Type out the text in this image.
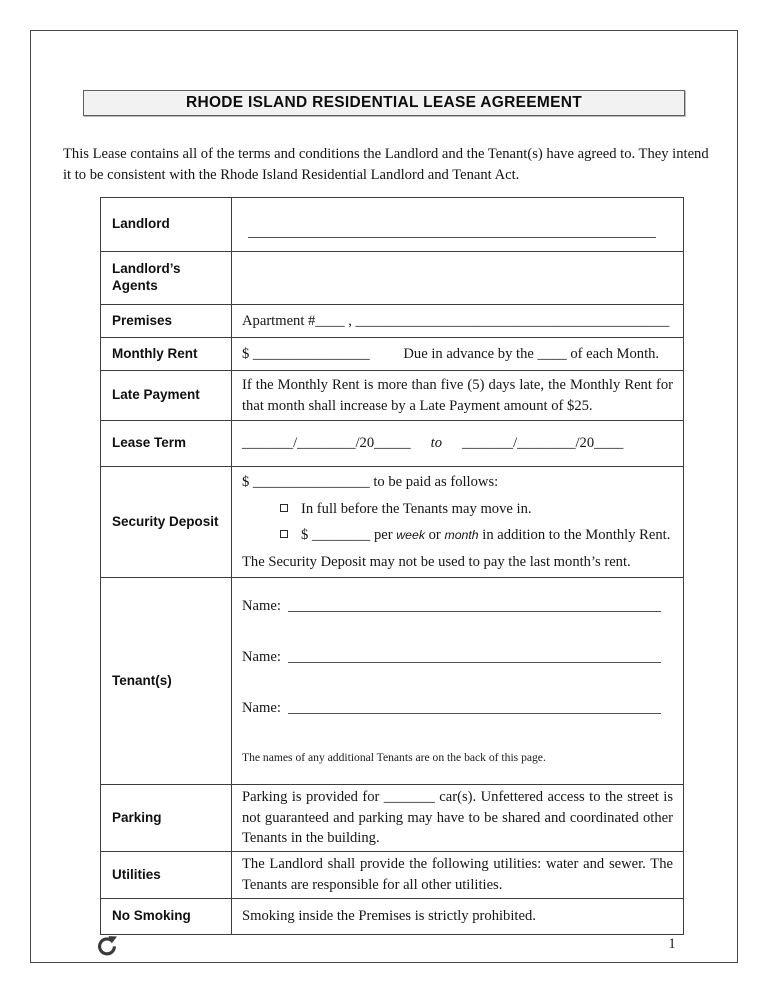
RHODE ISLAND RESIDENTIAL LEASE AGREEMENT

This Lease contains all of the terms and conditions the Landlord and the Tenant(s) have agreed to. They intend it to be consistent with the Rhode Island Residential Landlord and Tenant Act.

Landlord	

Landlord’s Agents	
Premises	Apartment #____ , ___________________________________________
Monthly Rent	$ ________________ Due in advance by the ____ of each Month.
Late Payment	If the Monthly Rent is more than five (5) days late, the Monthly Rent for that month shall increase by a Late Payment amount of $25.
Lease Term	_______/________/20_____ to _______/________/20____
Security Deposit	$ ________________ to be paid as follows:
In full before the Tenants may move in.
$ ________ per week or month in addition to the Monthly Rent.
The Security Deposit may not be used to pay the last month’s rent.

Tenant(s)	Name:
Name:
Name:
The names of any additional Tenants are on the back of this page.

Parking	Parking is provided for _______ car(s). Unfettered access to the street is not guaranteed and parking may have to be shared and coordinated other Tenants in the building.
Utilities	The Landlord shall provide the following utilities: water and sewer. The Tenants are responsible for all other utilities.
No Smoking	Smoking inside the Premises is strictly prohibited.
1
